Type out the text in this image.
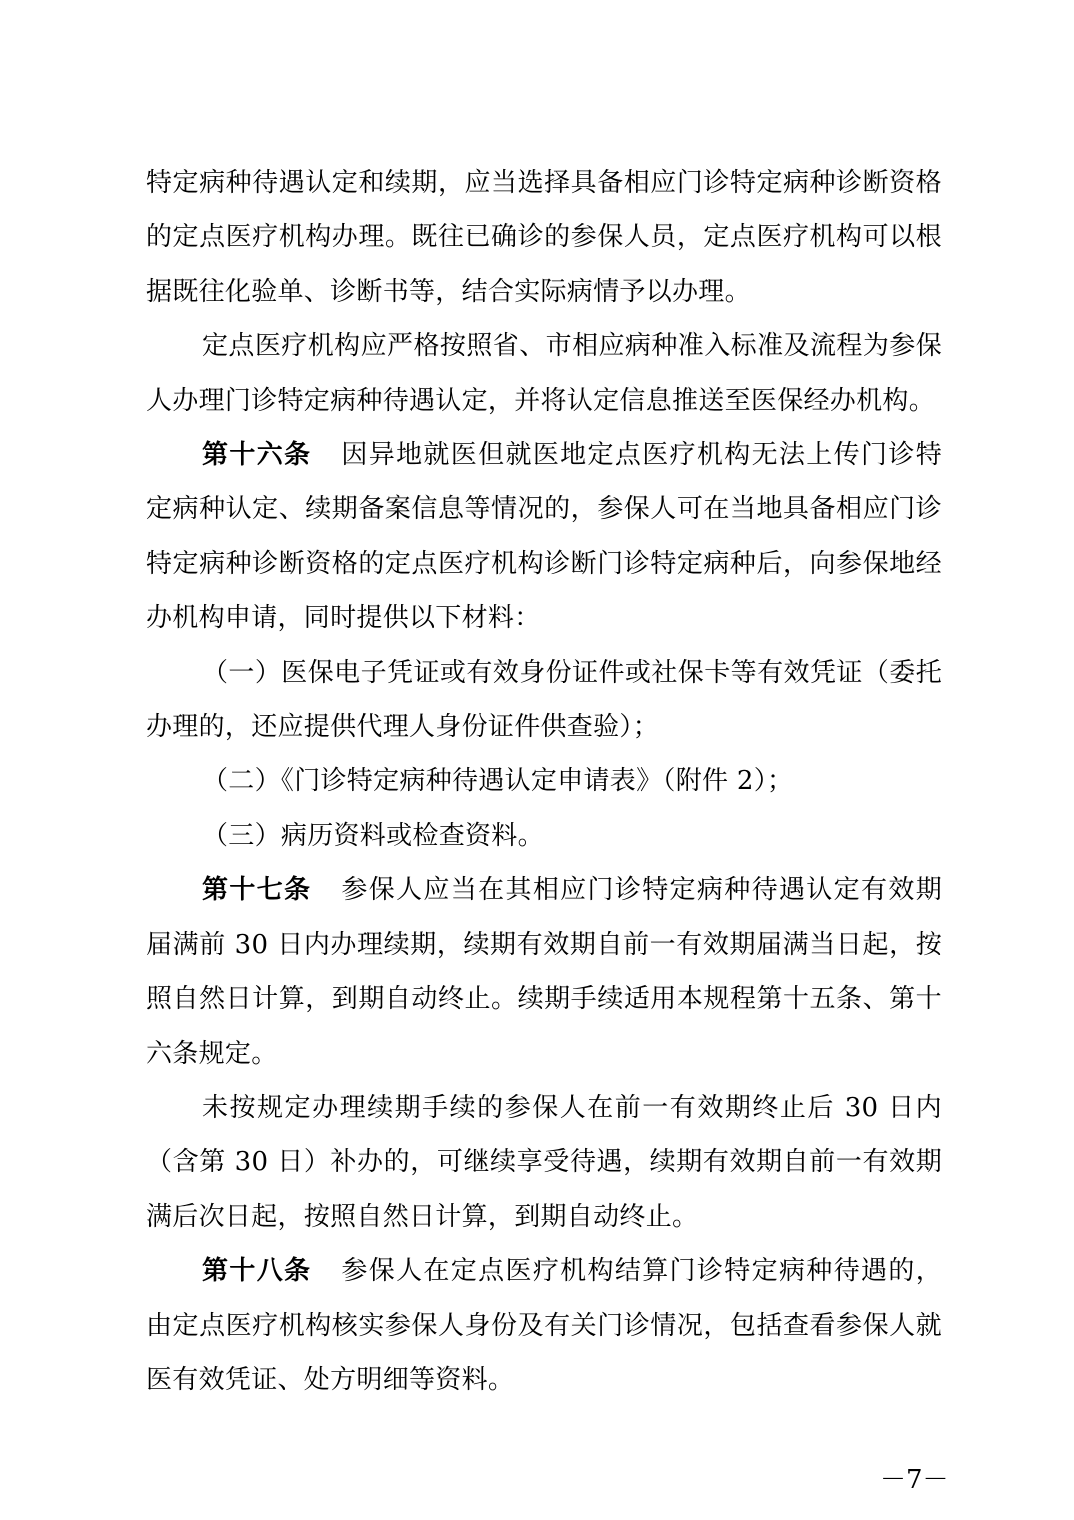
特定病种待遇认定和续期，应当选择具备相应门诊特定病种诊断资格的定点医疗机构办理。既往已确诊的参保人员，定点医疗机构可以根据既往化验单、诊断书等，结合实际病情予以办理。

定点医疗机构应严格按照省、市相应病种准入标准及流程为参保人办理门诊特定病种待遇认定，并将认定信息推送至医保经办机构。

第十六条 因异地就医但就医地定点医疗机构无法上传门诊特定病种认定、续期备案信息等情况的，参保人可在当地具备相应门诊特定病种诊断资格的定点医疗机构诊断门诊特定病种后，向参保地经办机构申请，同时提供以下材料：

（一）医保电子凭证或有效身份证件或社保卡等有效凭证（委托办理的，还应提供代理人身份证件供查验）；

（二）《门诊特定病种待遇认定申请表》（附件 2）；

（三）病历资料或检查资料。

第十七条 参保人应当在其相应门诊特定病种待遇认定有效期届满前 30 日内办理续期，续期有效期自前一有效期届满当日起，按照自然日计算，到期自动终止。续期手续适用本规程第十五条、第十六条规定。

未按规定办理续期手续的参保人在前一有效期终止后 30 日内（含第 30 日）补办的，可继续享受待遇，续期有效期自前一有效期满后次日起，按照自然日计算，到期自动终止。

第十八条 参保人在定点医疗机构结算门诊特定病种待遇的，由定点医疗机构核实参保人身份及有关门诊情况，包括查看参保人就医有效凭证、处方明细等资料。

－7－
